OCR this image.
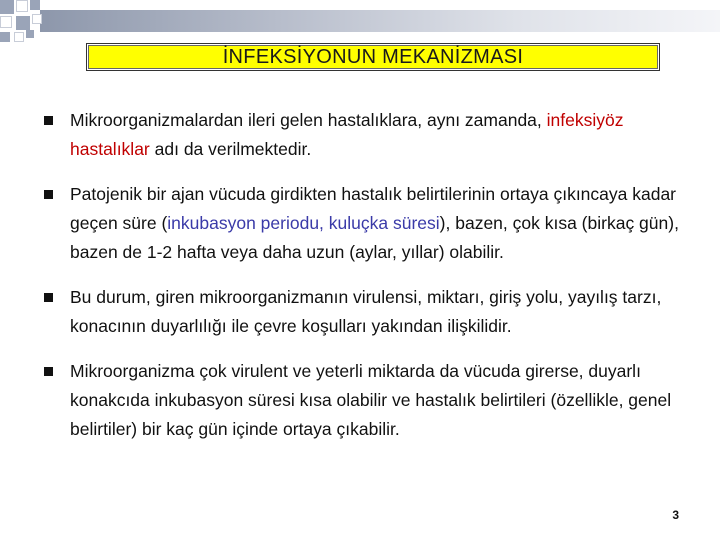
İNFEKSİYONUN MEKANİZMASI
Mikroorganizmalardan ileri gelen hastalıklara, aynı zamanda, infeksiyöz hastalıklar adı da verilmektedir.
Patojenik bir ajan vücuda girdikten hastalık belirtilerinin ortaya çıkıncaya kadar geçen süre (inkubasyon periodu, kuluçka süresi), bazen, çok kısa (birkaç gün), bazen de 1-2 hafta veya daha uzun (aylar, yıllar) olabilir.
Bu durum, giren mikroorganizmanın virulensi, miktarı, giriş yolu, yayılış tarzı, konacının duyarlılığı ile çevre koşulları yakından ilişkilidir.
Mikroorganizma çok virulent ve yeterli miktarda da vücuda girerse, duyarlı konakcıda inkubasyon süresi kısa olabilir ve hastalık belirtileri (özellikle, genel belirtiler) bir kaç gün içinde ortaya çıkabilir.
3
